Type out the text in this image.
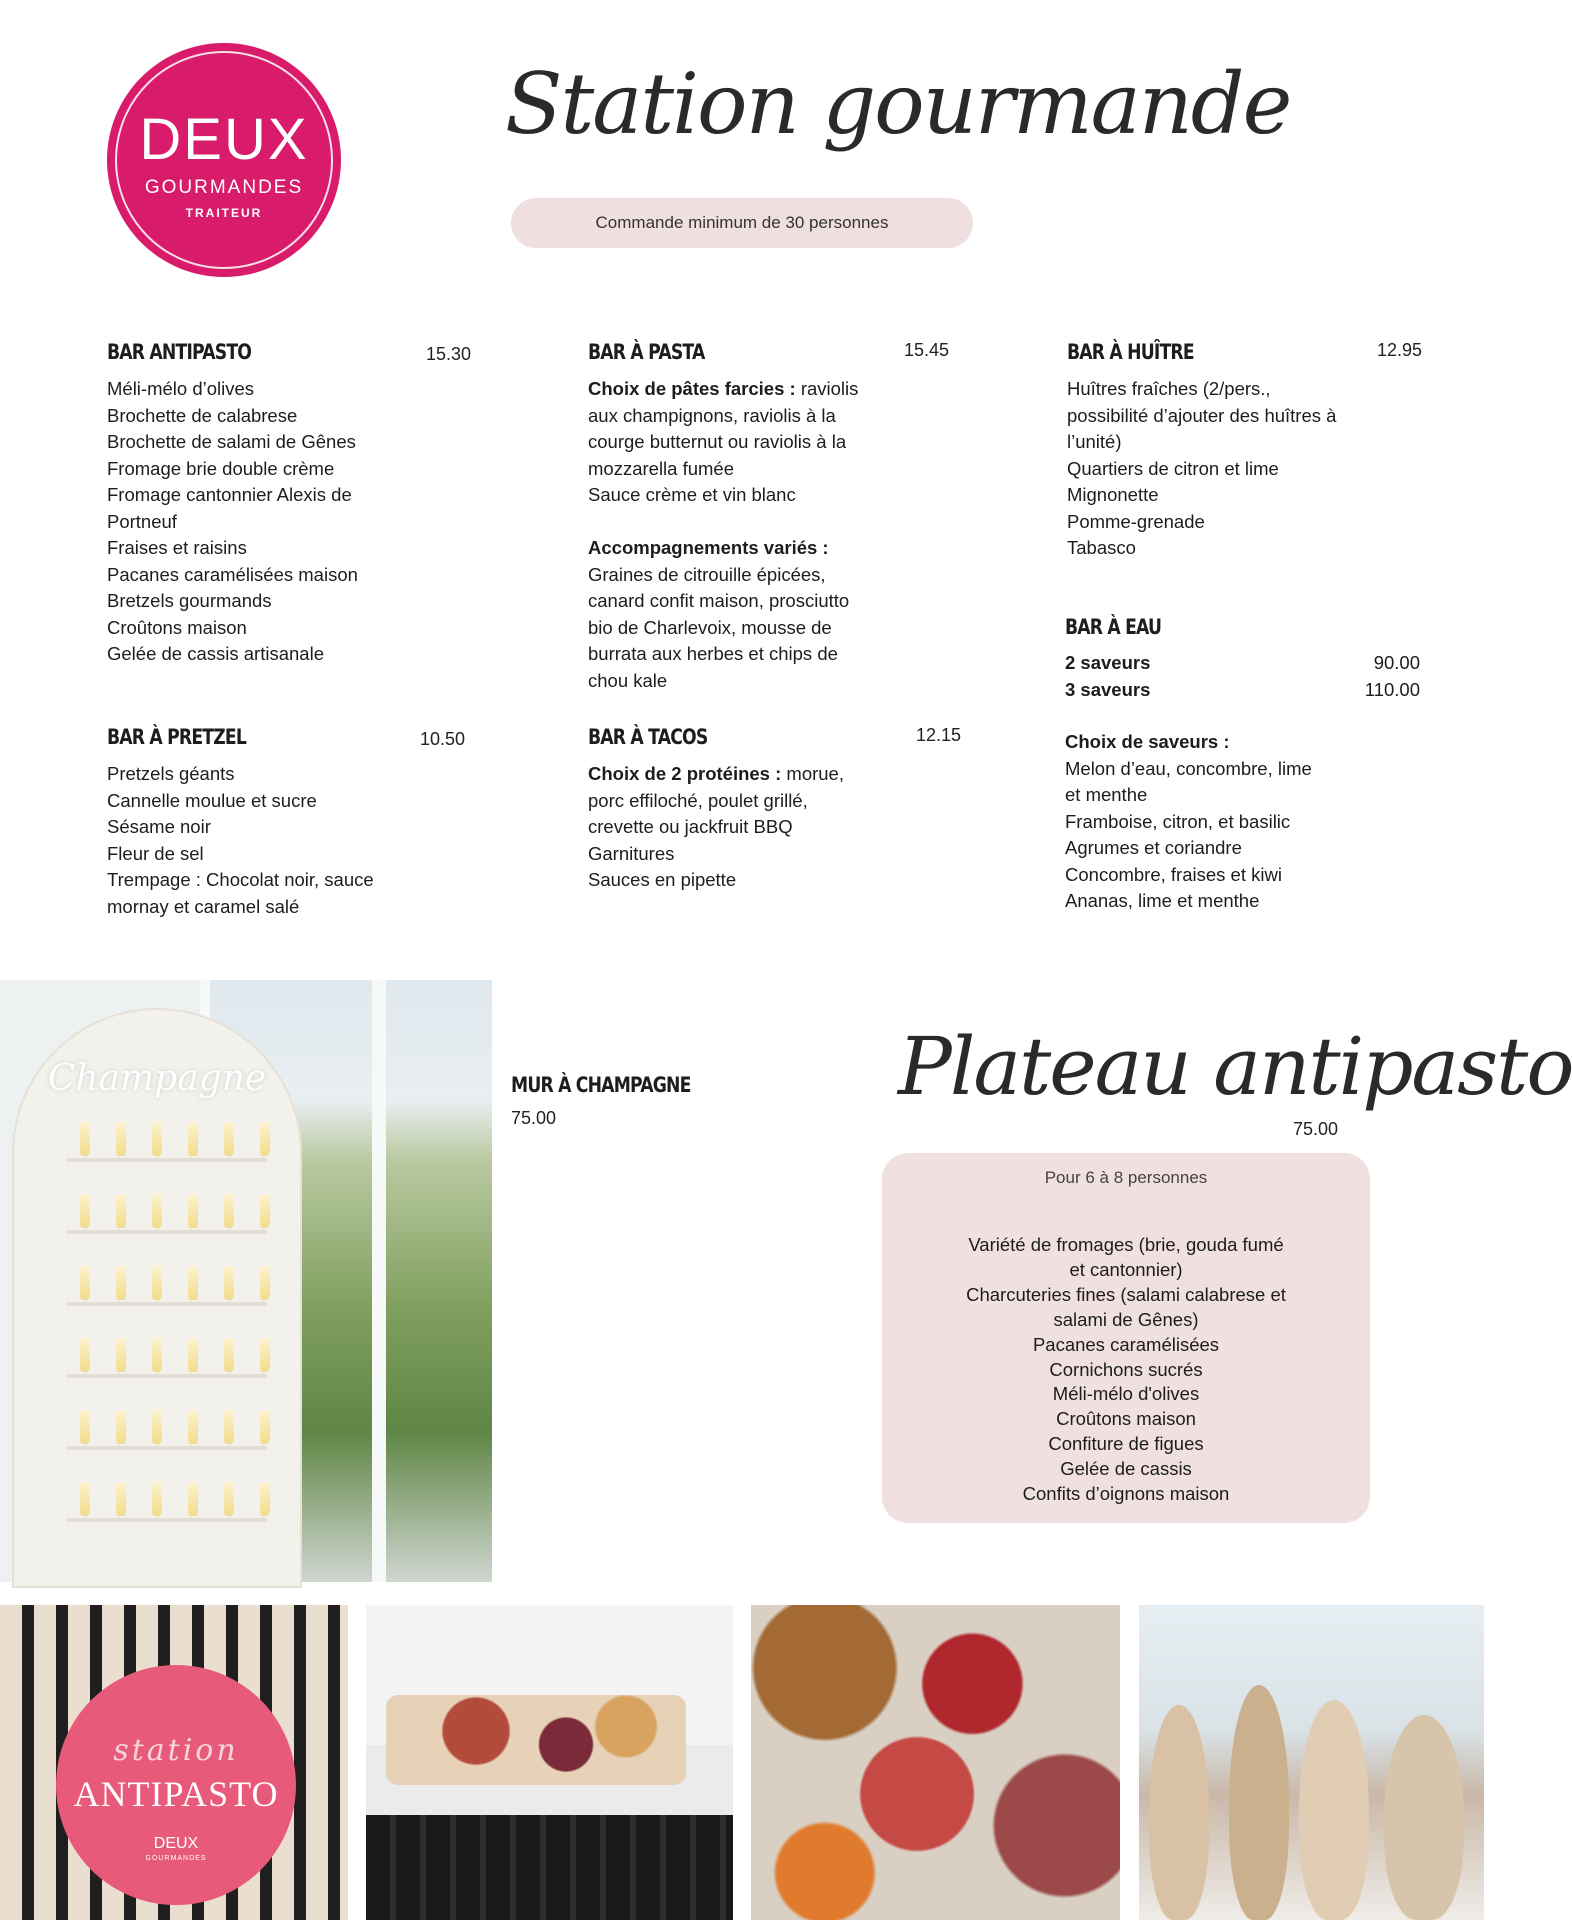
DEUX
GOURMANDES
TRAITEUR
Station gourmande
Commande minimum de 30 personnes
BAR ANTIPASTO	15.30
Méli-mélo d’olives
Brochette de calabrese
Brochette de salami de Gênes
Fromage brie double crème
Fromage cantonnier Alexis de
Portneuf
Fraises et raisins
Pacanes caramélisées maison
Bretzels gourmands
Croûtons maison
Gelée de cassis artisanale
BAR À PASTA	15.45
Choix de pâtes farcies : raviolis
aux champignons, raviolis à la
courge butternut ou raviolis à la
mozzarella fumée
Sauce crème et vin blanc
Accompagnements variés :
Graines de citrouille épicées,
canard confit maison, prosciutto
bio de Charlevoix, mousse de
burrata aux herbes et chips de
chou kale
BAR À HUÎTRE	12.95
Huîtres fraîches (2/pers.,
possibilité d’ajouter des huîtres à
l’unité)
Quartiers de citron et lime
Mignonette
Pomme-grenade
Tabasco
BAR À PRETZEL	10.50
Pretzels géants
Cannelle moulue et sucre
Sésame noir
Fleur de sel
Trempage : Chocolat noir, sauce
mornay et caramel salé
BAR À TACOS	12.15
Choix de 2 protéines : morue,
porc effiloché, poulet grillé,
crevette ou jackfruit BBQ
Garnitures
Sauces en pipette
BAR À EAU
2 saveurs	90.00
3 saveurs	110.00
Choix de saveurs :
Melon d’eau, concombre, lime
et menthe
Framboise, citron, et basilic
Agrumes et coriandre
Concombre, fraises et kiwi
Ananas, lime et menthe
Champagne	MUR À CHAMPAGNE
75.00
Plateau antipasto
75.00
Pour 6 à 8 personnes
Variété de fromages (brie, gouda fumé
et cantonnier)
Charcuteries fines (salami calabrese et
salami de Gênes)
Pacanes caramélisées
Cornichons sucrés
Méli-mélo d'olives
Croûtons maison
Confiture de figues
Gelée de cassis
Confits d’oignons maison
station
ANTIPASTO
DEUX
GOURMANDES
